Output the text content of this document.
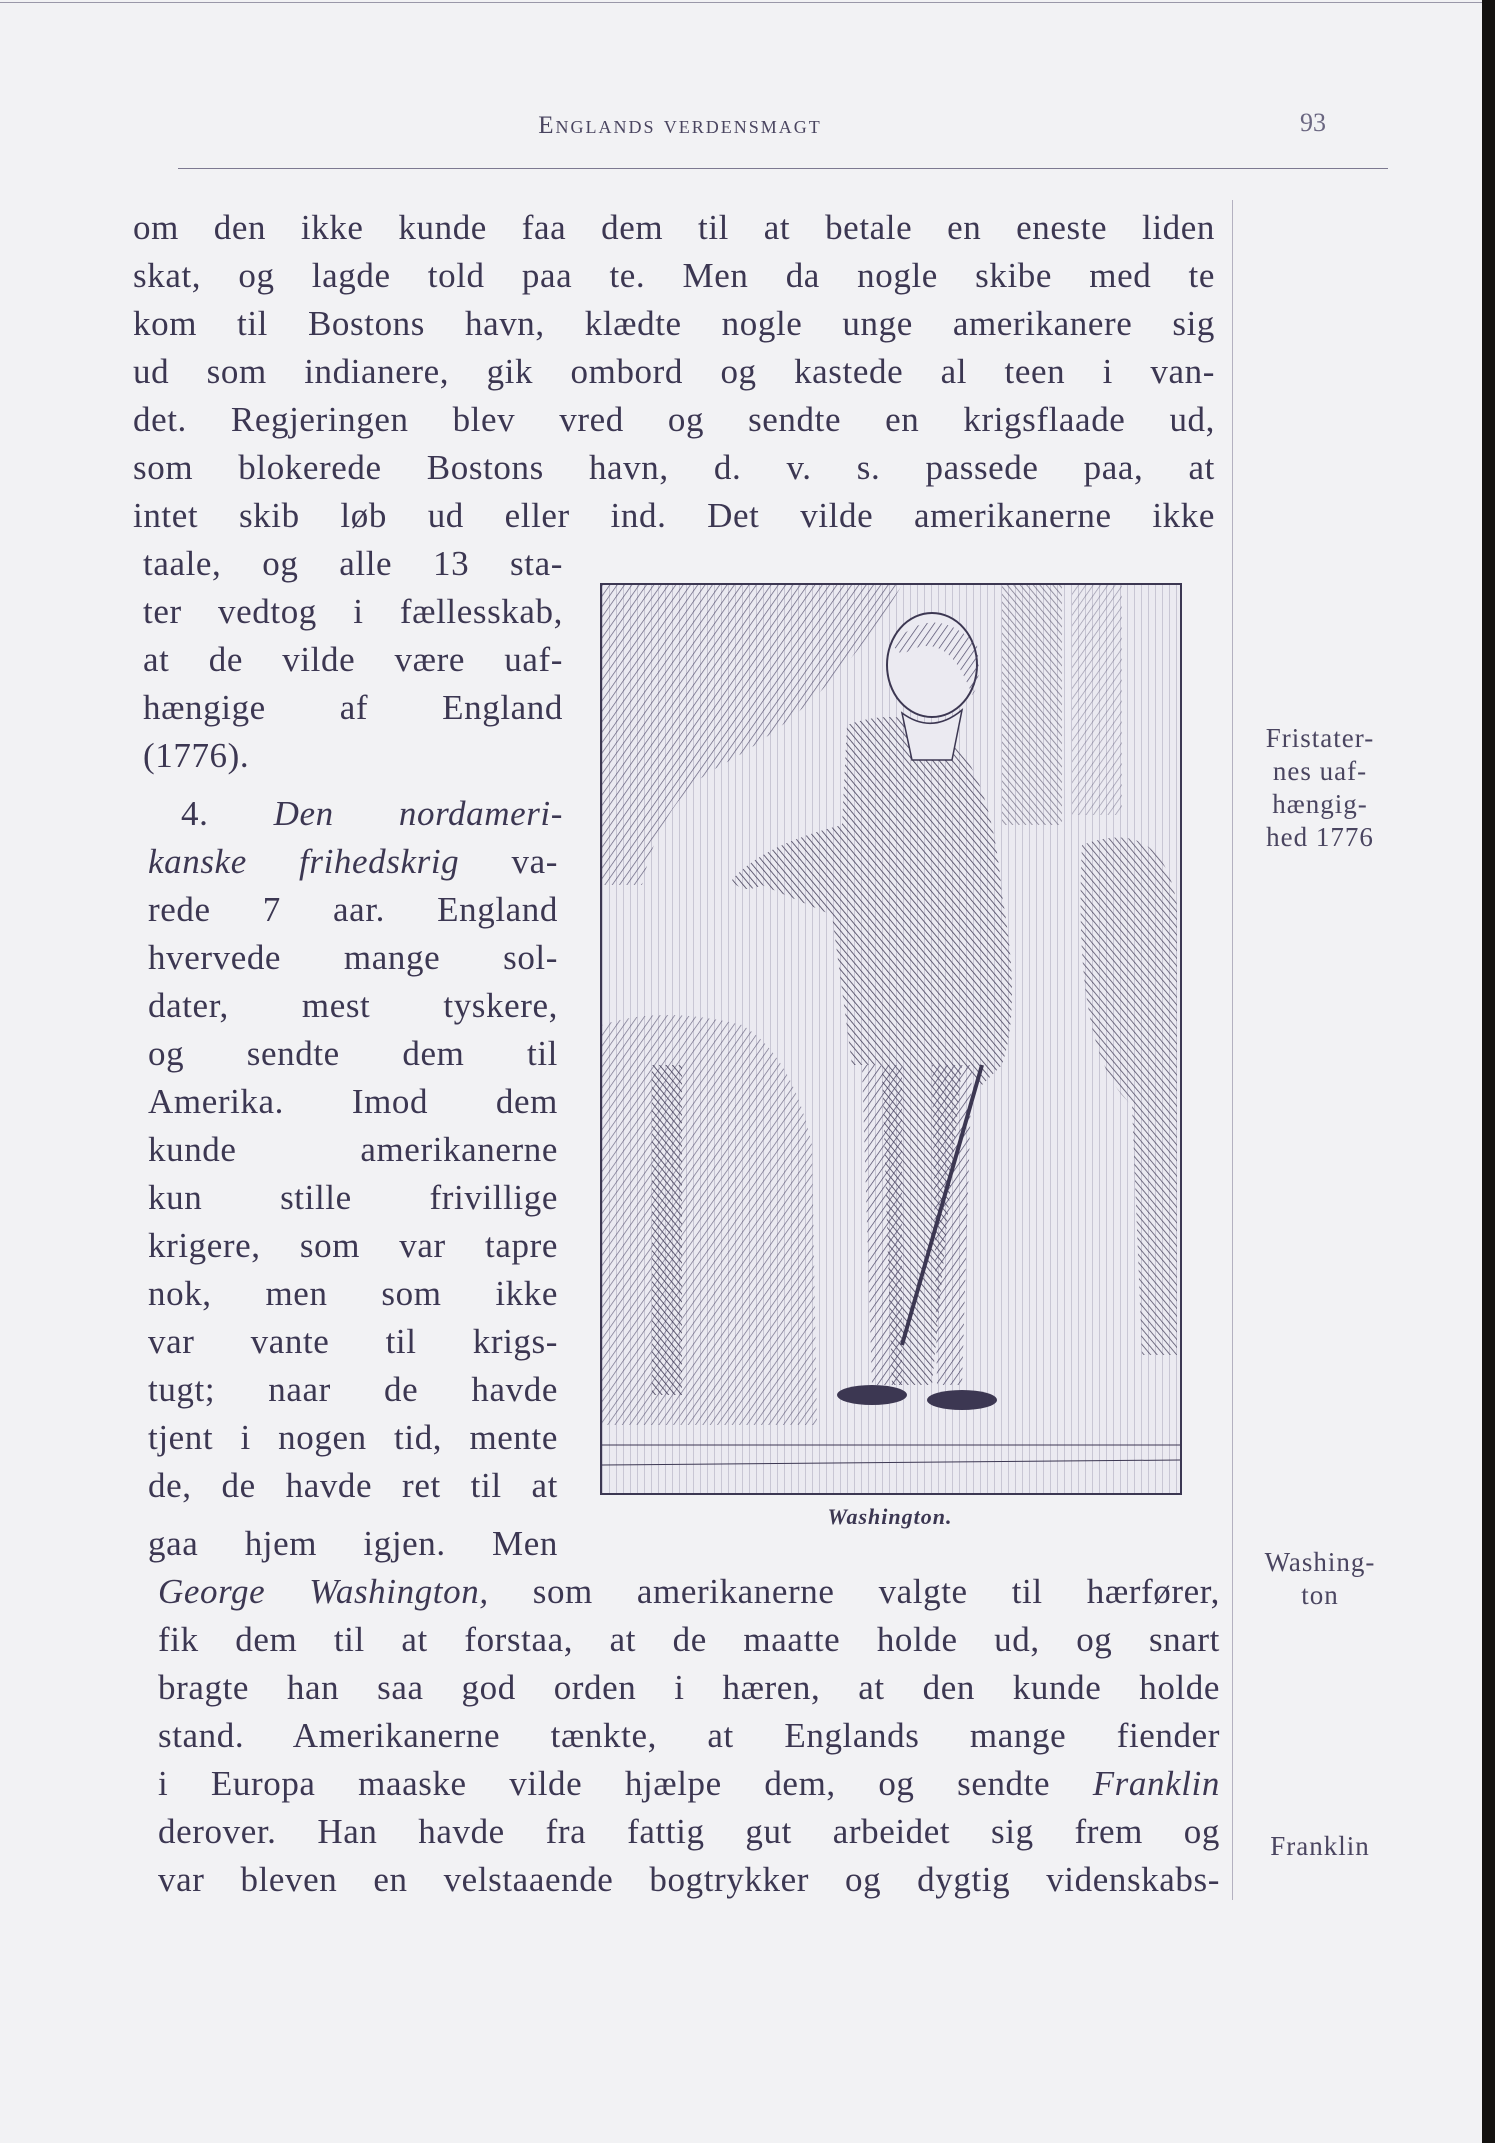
Englands verdensmagt	93
om den ikke kunde faa dem til at betale en eneste liden
skat, og lagde told paa te. Men da nogle skibe med te
kom til Bostons havn, klædte nogle unge amerikanere sig
ud som indianere, gik ombord og kastede al teen i van-
det. Regjeringen blev vred og sendte en krigsflaade ud,
som blokerede Bostons havn, d. v. s. passede paa, at
intet skib løb ud eller ind. Det vilde amerikanerne ikke
taale, og alle 13 sta-
ter vedtog i fællesskab,
at de vilde være uaf-
hængige af England
(1776).
4. Den nordameri-
kanske frihedskrig va-
rede 7 aar. England
hvervede mange sol-
dater, mest tyskere,
og sendte dem til
Amerika. Imod dem
kunde amerikanerne
kun stille frivillige
krigere, som var tapre
nok, men som ikke
var vante til krigs-
tugt; naar de havde
tjent i nogen tid, mente
de, de havde ret til at
gaa hjem igjen. Men
George Washington, som amerikanerne valgte til hærfører,
fik dem til at forstaa, at de maatte holde ud, og snart
bragte han saa god orden i hæren, at den kunde holde
stand. Amerikanerne tænkte, at Englands mange fiender
i Europa maaske vilde hjælpe dem, og sendte Franklin
derover. Han havde fra fattig gut arbeidet sig frem og
var bleven en velstaaende bogtrykker og dygtig videnskabs-
Washington.
Fristater-
nes uaf-
hængig-
hed 1776
Washing-
ton
Franklin
